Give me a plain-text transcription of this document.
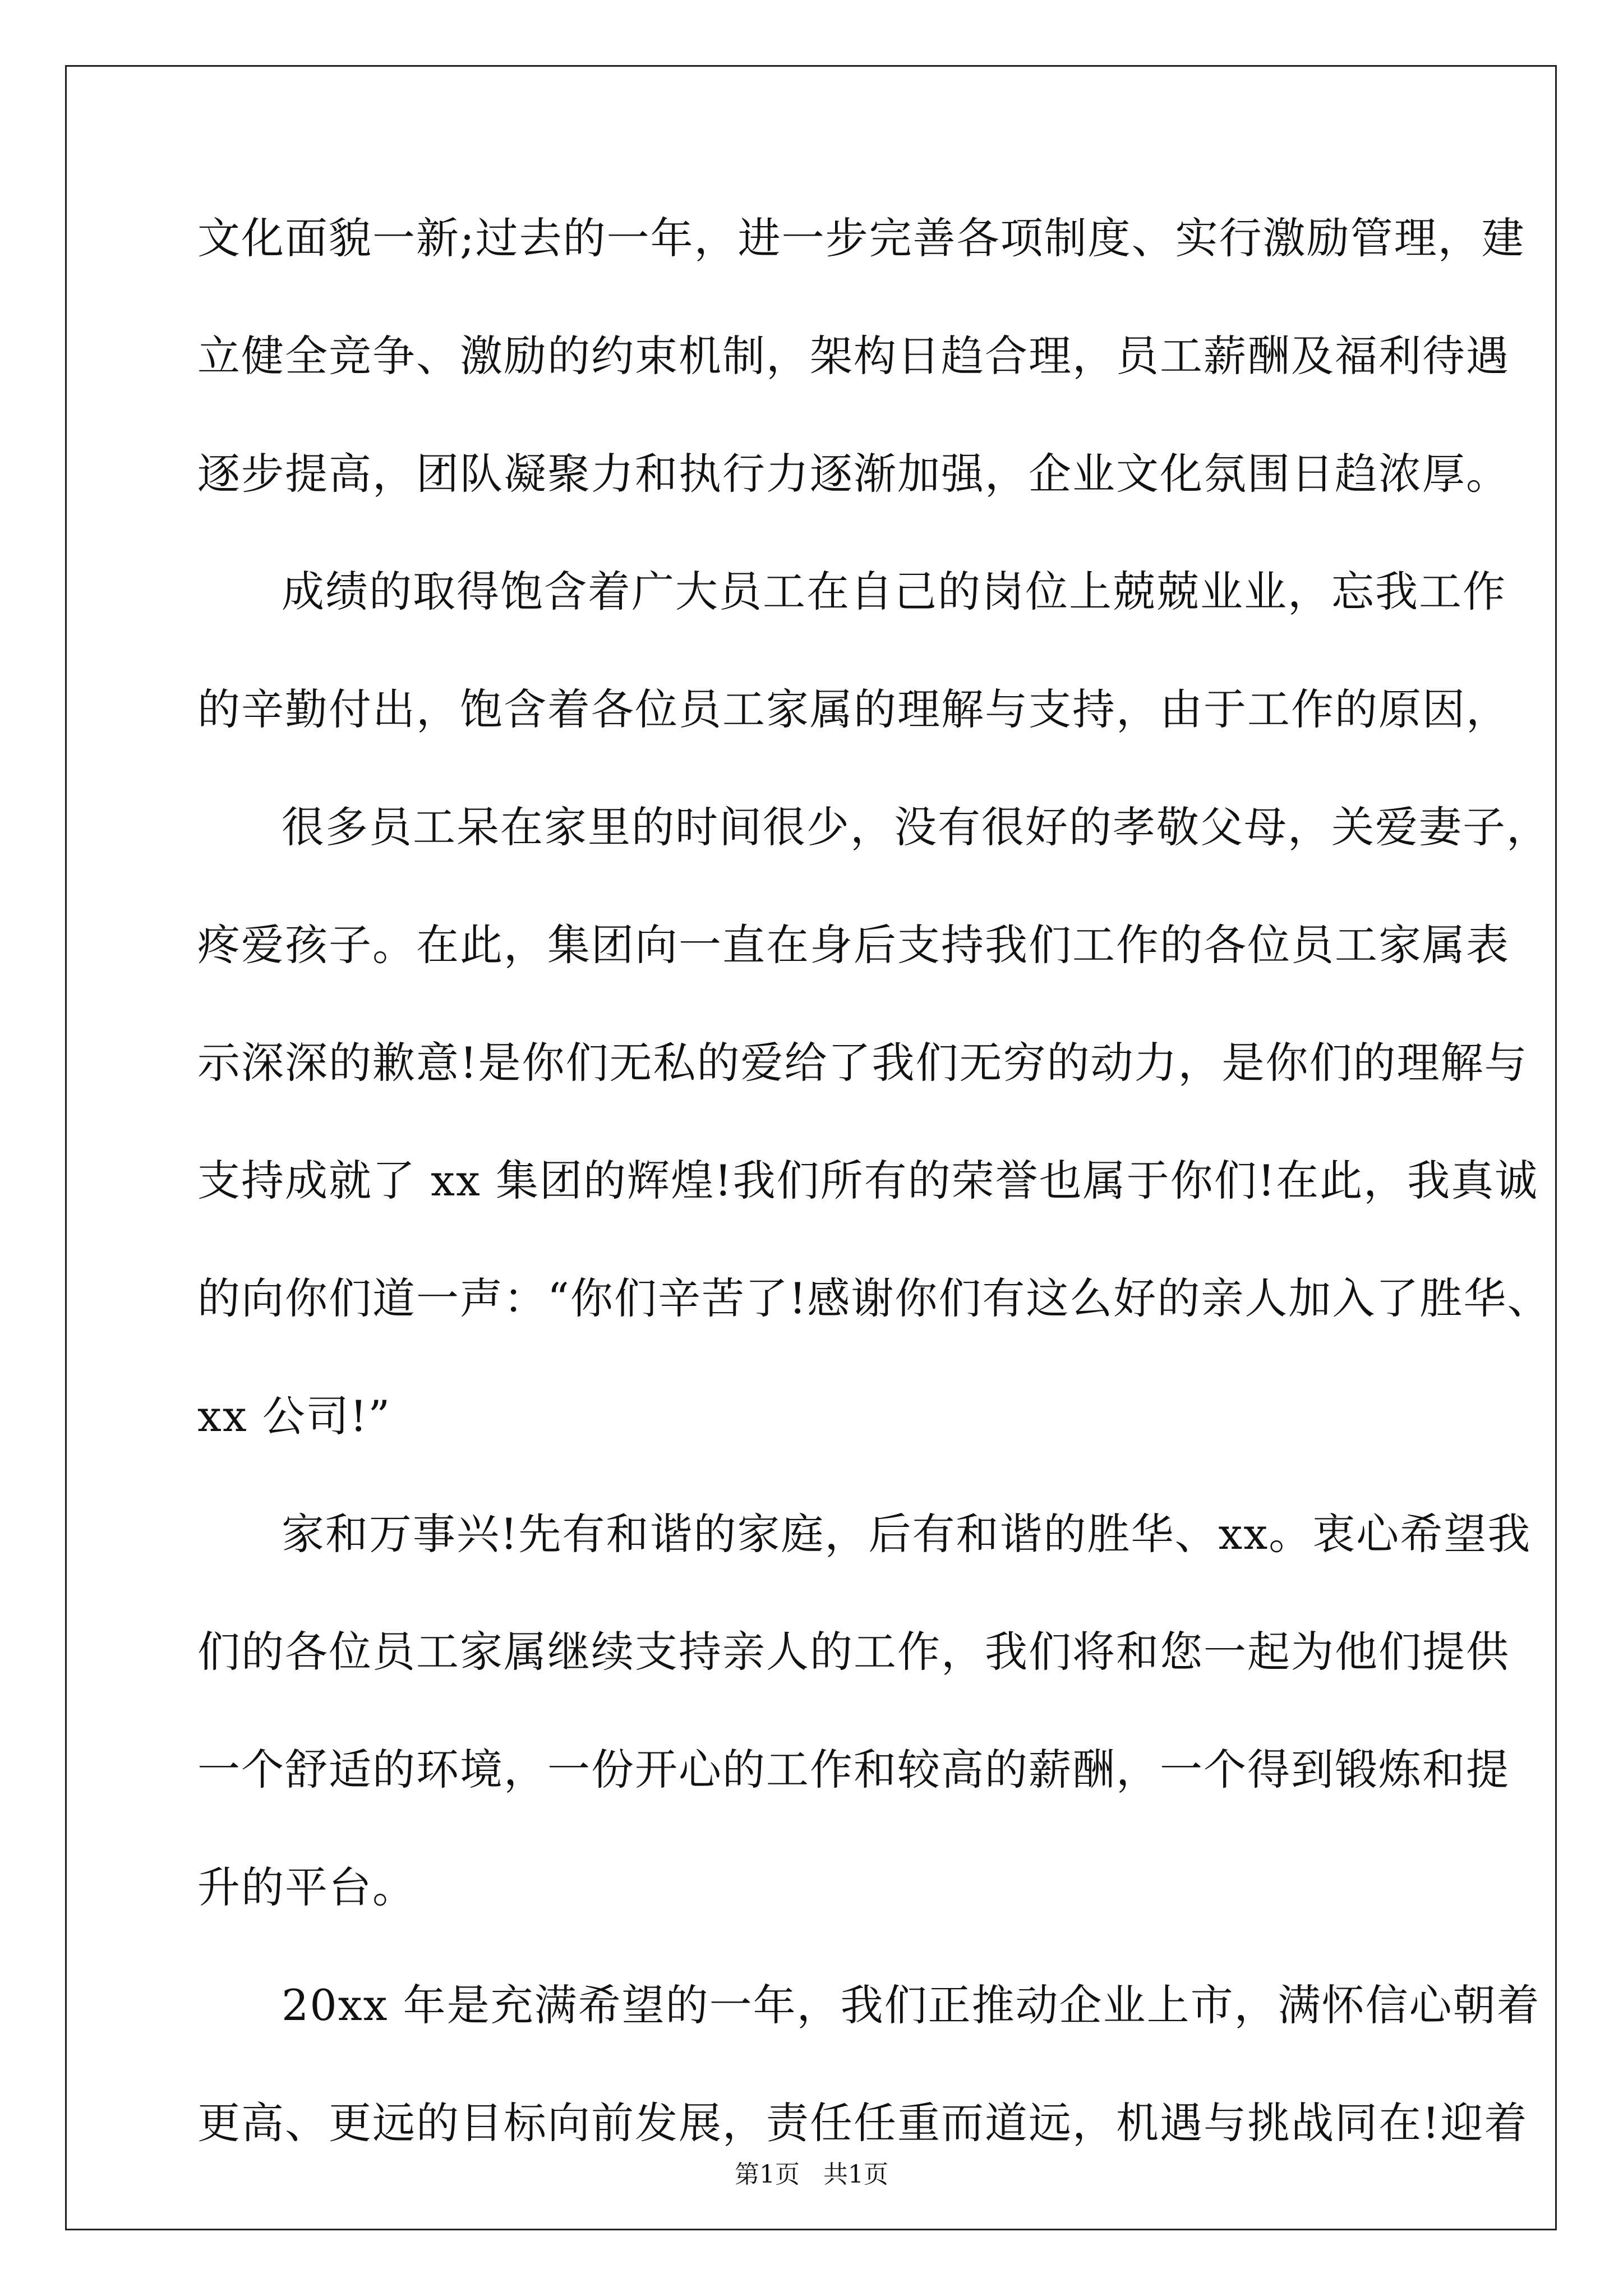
文化面貌一新;过去的一年，进一步完善各项制度、实行激励管理，建
立健全竞争、激励的约束机制，架构日趋合理，员工薪酬及福利待遇
逐步提高，团队凝聚力和执行力逐渐加强，企业文化氛围日趋浓厚。
成绩的取得饱含着广大员工在自己的岗位上兢兢业业，忘我工作
的辛勤付出，饱含着各位员工家属的理解与支持，由于工作的原因，
很多员工呆在家里的时间很少，没有很好的孝敬父母，关爱妻子，
疼爱孩子。在此，集团向一直在身后支持我们工作的各位员工家属表
示深深的歉意!是你们无私的爱给了我们无穷的动力，是你们的理解与
支持成就了 xx 集团的辉煌!我们所有的荣誉也属于你们!在此，我真诚
的向你们道一声：“你们辛苦了!感谢你们有这么好的亲人加入了胜华、
xx 公司!”
家和万事兴!先有和谐的家庭，后有和谐的胜华、xx。衷心希望我
们的各位员工家属继续支持亲人的工作，我们将和您一起为他们提供
一个舒适的环境，一份开心的工作和较高的薪酬，一个得到锻炼和提
升的平台。
20xx 年是充满希望的一年，我们正推动企业上市，满怀信心朝着
更高、更远的目标向前发展，责任任重而道远，机遇与挑战同在!迎着
第1页 共1页
